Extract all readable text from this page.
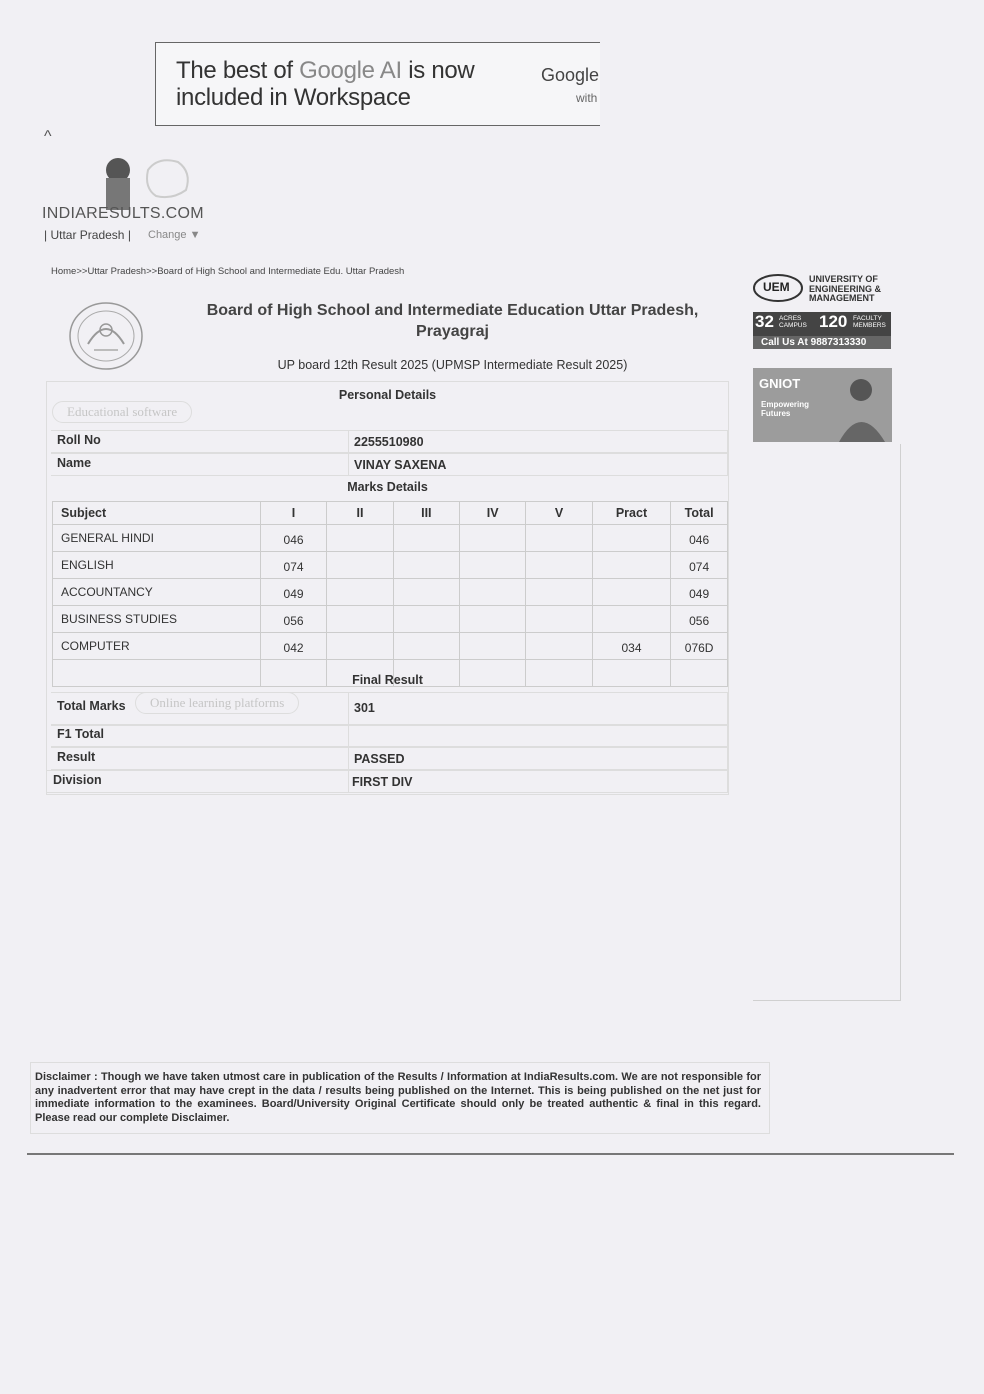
The best of Google AI is now included in Workspace
Google
with
^
INDIARESULTS.COM
| Uttar Pradesh | Change ▼
Home>>Uttar Pradesh>>Board of High School and Intermediate Edu. Uttar Pradesh
Board of High School and Intermediate Education Uttar Pradesh, Prayagraj
UP board 12th Result 2025 (UPMSP Intermediate Result 2025)
Personal Details
Educational software
Roll No	2255510980
Name	VINAY SAXENA
Marks Details
Subject	I	II	III	IV	V	Pract	Total
GENERAL HINDI	046						046
ENGLISH	074						074
ACCOUNTANCY	049						049
BUSINESS STUDIES	056						056
COMPUTER	042					034	076D

Final Result
Total Marks	301
Online learning platforms
F1 Total
Result	PASSED
Division	FIRST DIV
UEM
UNIVERSITY OF
ENGINEERING &
MANAGEMENT
32 ACRES CAMPUS 120 FACULTY MEMBERS
Call Us At 9887313330
GNIOT
Empowering Futures
Disclaimer : Though we have taken utmost care in publication of the Results / Information at IndiaResults.com. We are not responsible for any inadvertent error that may have crept in the data / results being published on the Internet. This is being published on the net just for immediate information to the examinees. Board/University Original Certificate should only be treated authentic & final in this regard. Please read our complete Disclaimer.
